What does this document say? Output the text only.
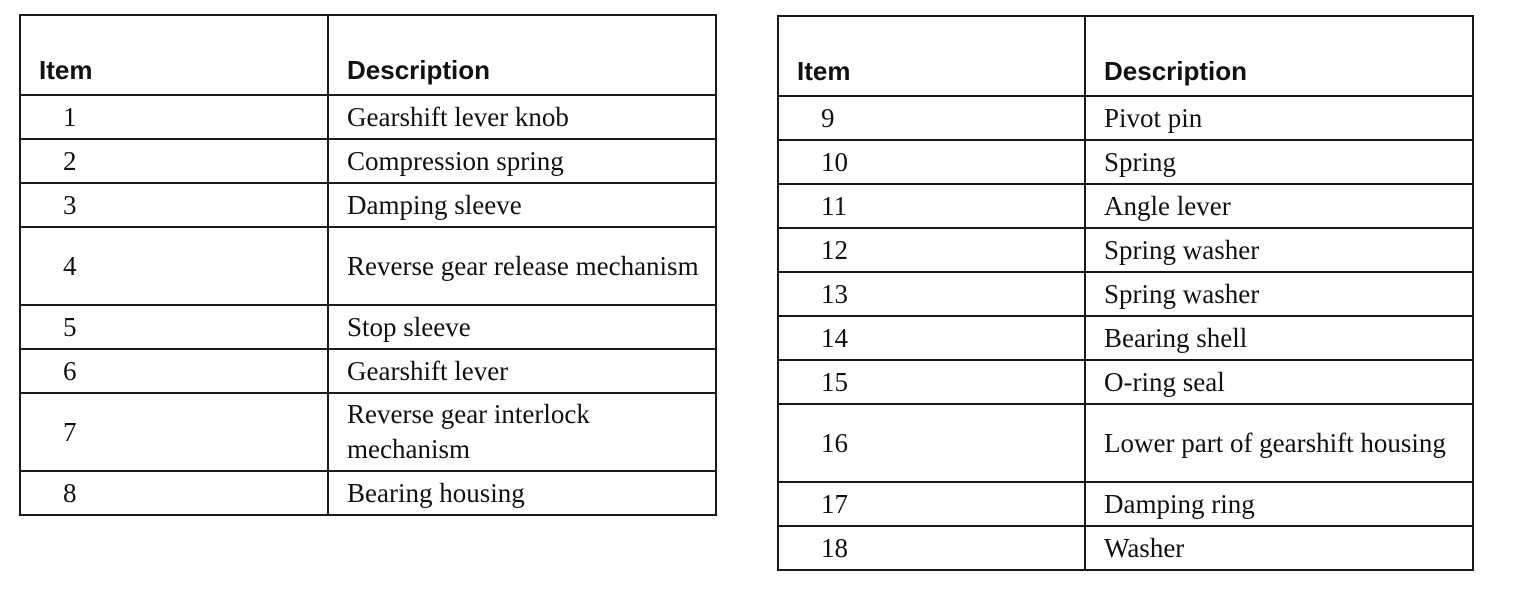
Item	Description
1	Gearshift lever knob
2	Compression spring
3	Damping sleeve
4	Reverse gear release mechanism
5	Stop sleeve
6	Gearshift lever
7	Reverse gear interlock mechanism
8	Bearing housing
Item	Description
9	Pivot pin
10	Spring
11	Angle lever
12	Spring washer
13	Spring washer
14	Bearing shell
15	O-ring seal
16	Lower part of gearshift housing
17	Damping ring
18	Washer
